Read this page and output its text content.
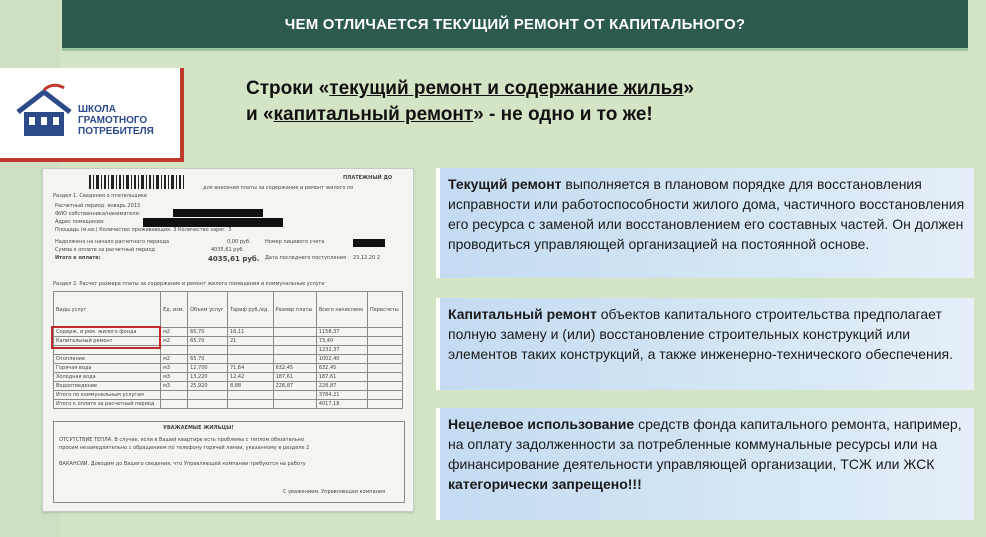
ЧЕМ ОТЛИЧАЕТСЯ ТЕКУЩИЙ РЕМОНТ ОТ КАПИТАЛЬНОГО?
ШКОЛА
ГРАМОТНОГО
ПОТРЕБИТЕЛЯ
Строки «текущий ремонт и содержание жилья»
и «капитальный ремонт» - не одно и то же!
ПЛАТЕЖНЫЙ ДО
для внесения платы за содержание и ремонт жилого по
Раздел 1. Сведения о плательщике
Расчетный период: январь 2013
ФИО собственника/нанимателя:
Адрес помещения:
Площадь (м.кв.) Количество проживающих: 3 Количество зарег. 3
Надолжено на начало расчетного периода	0,00 руб.
Сумма к оплате за расчетный период	4035,61 руб.
Итого к оплате:	4035,61 руб.
Номер лицевого счета
Дата последнего поступления 23.12.20 2
Раздел 2. Расчет размера платы за содержание и ремонт жилого помещения и коммунальные услуги
Виды услуг	Ед. изм.	Объем услуг	Тариф руб./ед.	Размер платы	Всего начислено	Пересчеты
Содерж. и рем. жилого фонда	м2	65,70	16,11		1158,37	
Капитальный ремонт	м2	65,70	21		73,40	
					1232,37	
Отопление	м2	65,70			1002,40	
Горячая вода	м3	12,700	71,64	632,45	632,45	
Холодная вода	м3	13,220	12,42	187,61	187,61	
Водоотведение	м3	25,920	8,88	228,87	228,87	
Итого по коммунальным услугам					3784,21	
Итого к оплате за расчетный период					4017,18	
УВАЖАЕМЫЕ ЖИЛЬЦЫ!
ОТСУТСТВИЕ ТЕПЛА. В случае, если в Вашей квартире есть проблемы с теплом обязательно
просим незамедлительно с обращением по телефону горячей линии, указанному в разделе 2
ВАКАНСИИ. Доводим до Вашего сведения, что Управляющей компании требуются на работу
С уважением, Управляющая компания

Текущий ремонт выполняется в плановом порядке для восстановления исправности или работоспособности жилого дома, частичного восстановления его ресурса с заменой или восстановлением его составных частей. Он должен проводиться управляющей организацией на постоянной основе.

Капитальный ремонт объектов капитального строительства предполагает полную замену и (или) восстановление строительных конструкций или элементов таких конструкций, а также инженерно-технического обеспечения.

Нецелевое использование средств фонда капитального ремонта, например, на оплату задолженности за потребленные коммунальные ресурсы или на финансирование деятельности управляющей организации, ТСЖ или ЖСК категорически запрещено!!!
